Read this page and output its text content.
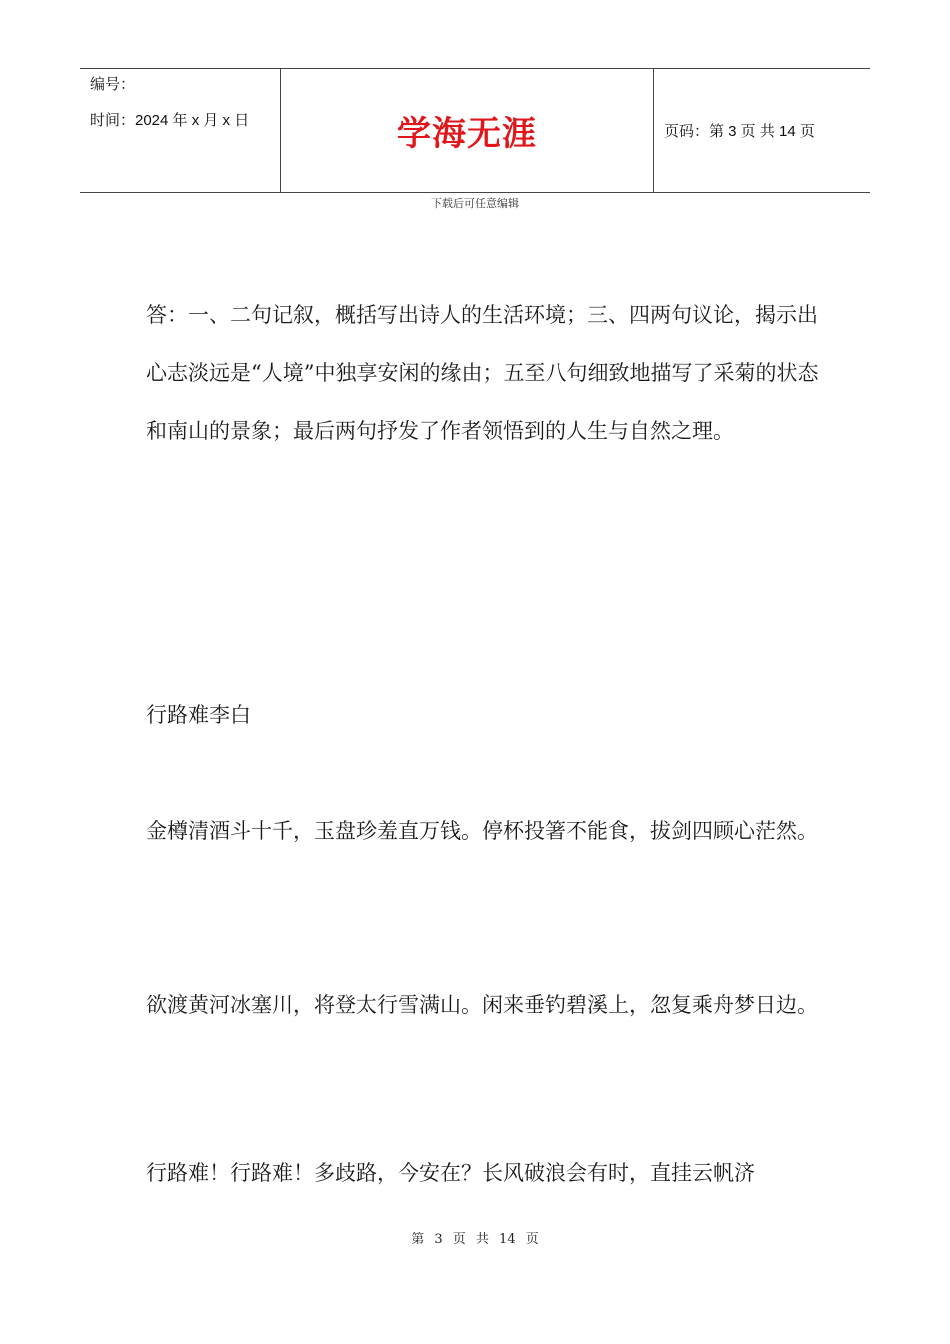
编号：
时间：2024 年 x 月 x 日	学海无涯	页码：第 3 页 共 14 页
下载后可任意编辑

答：一、二句记叙，概括写出诗人的生活环境；三、四两句议论，揭示出心志淡远是“人境”中独享安闲的缘由；五至八句细致地描写了采菊的状态和南山的景象；最后两句抒发了作者领悟到的人生与自然之理。

行路难李白

金樽清酒斗十千，玉盘珍羞直万钱。停杯投箸不能食，拔剑四顾心茫然。

欲渡黄河冰塞川，将登太行雪满山。闲来垂钓碧溪上，忽复乘舟梦日边。

行路难！行路难！多歧路，今安在？长风破浪会有时，直挂云帆济

第 3 页 共 14 页
